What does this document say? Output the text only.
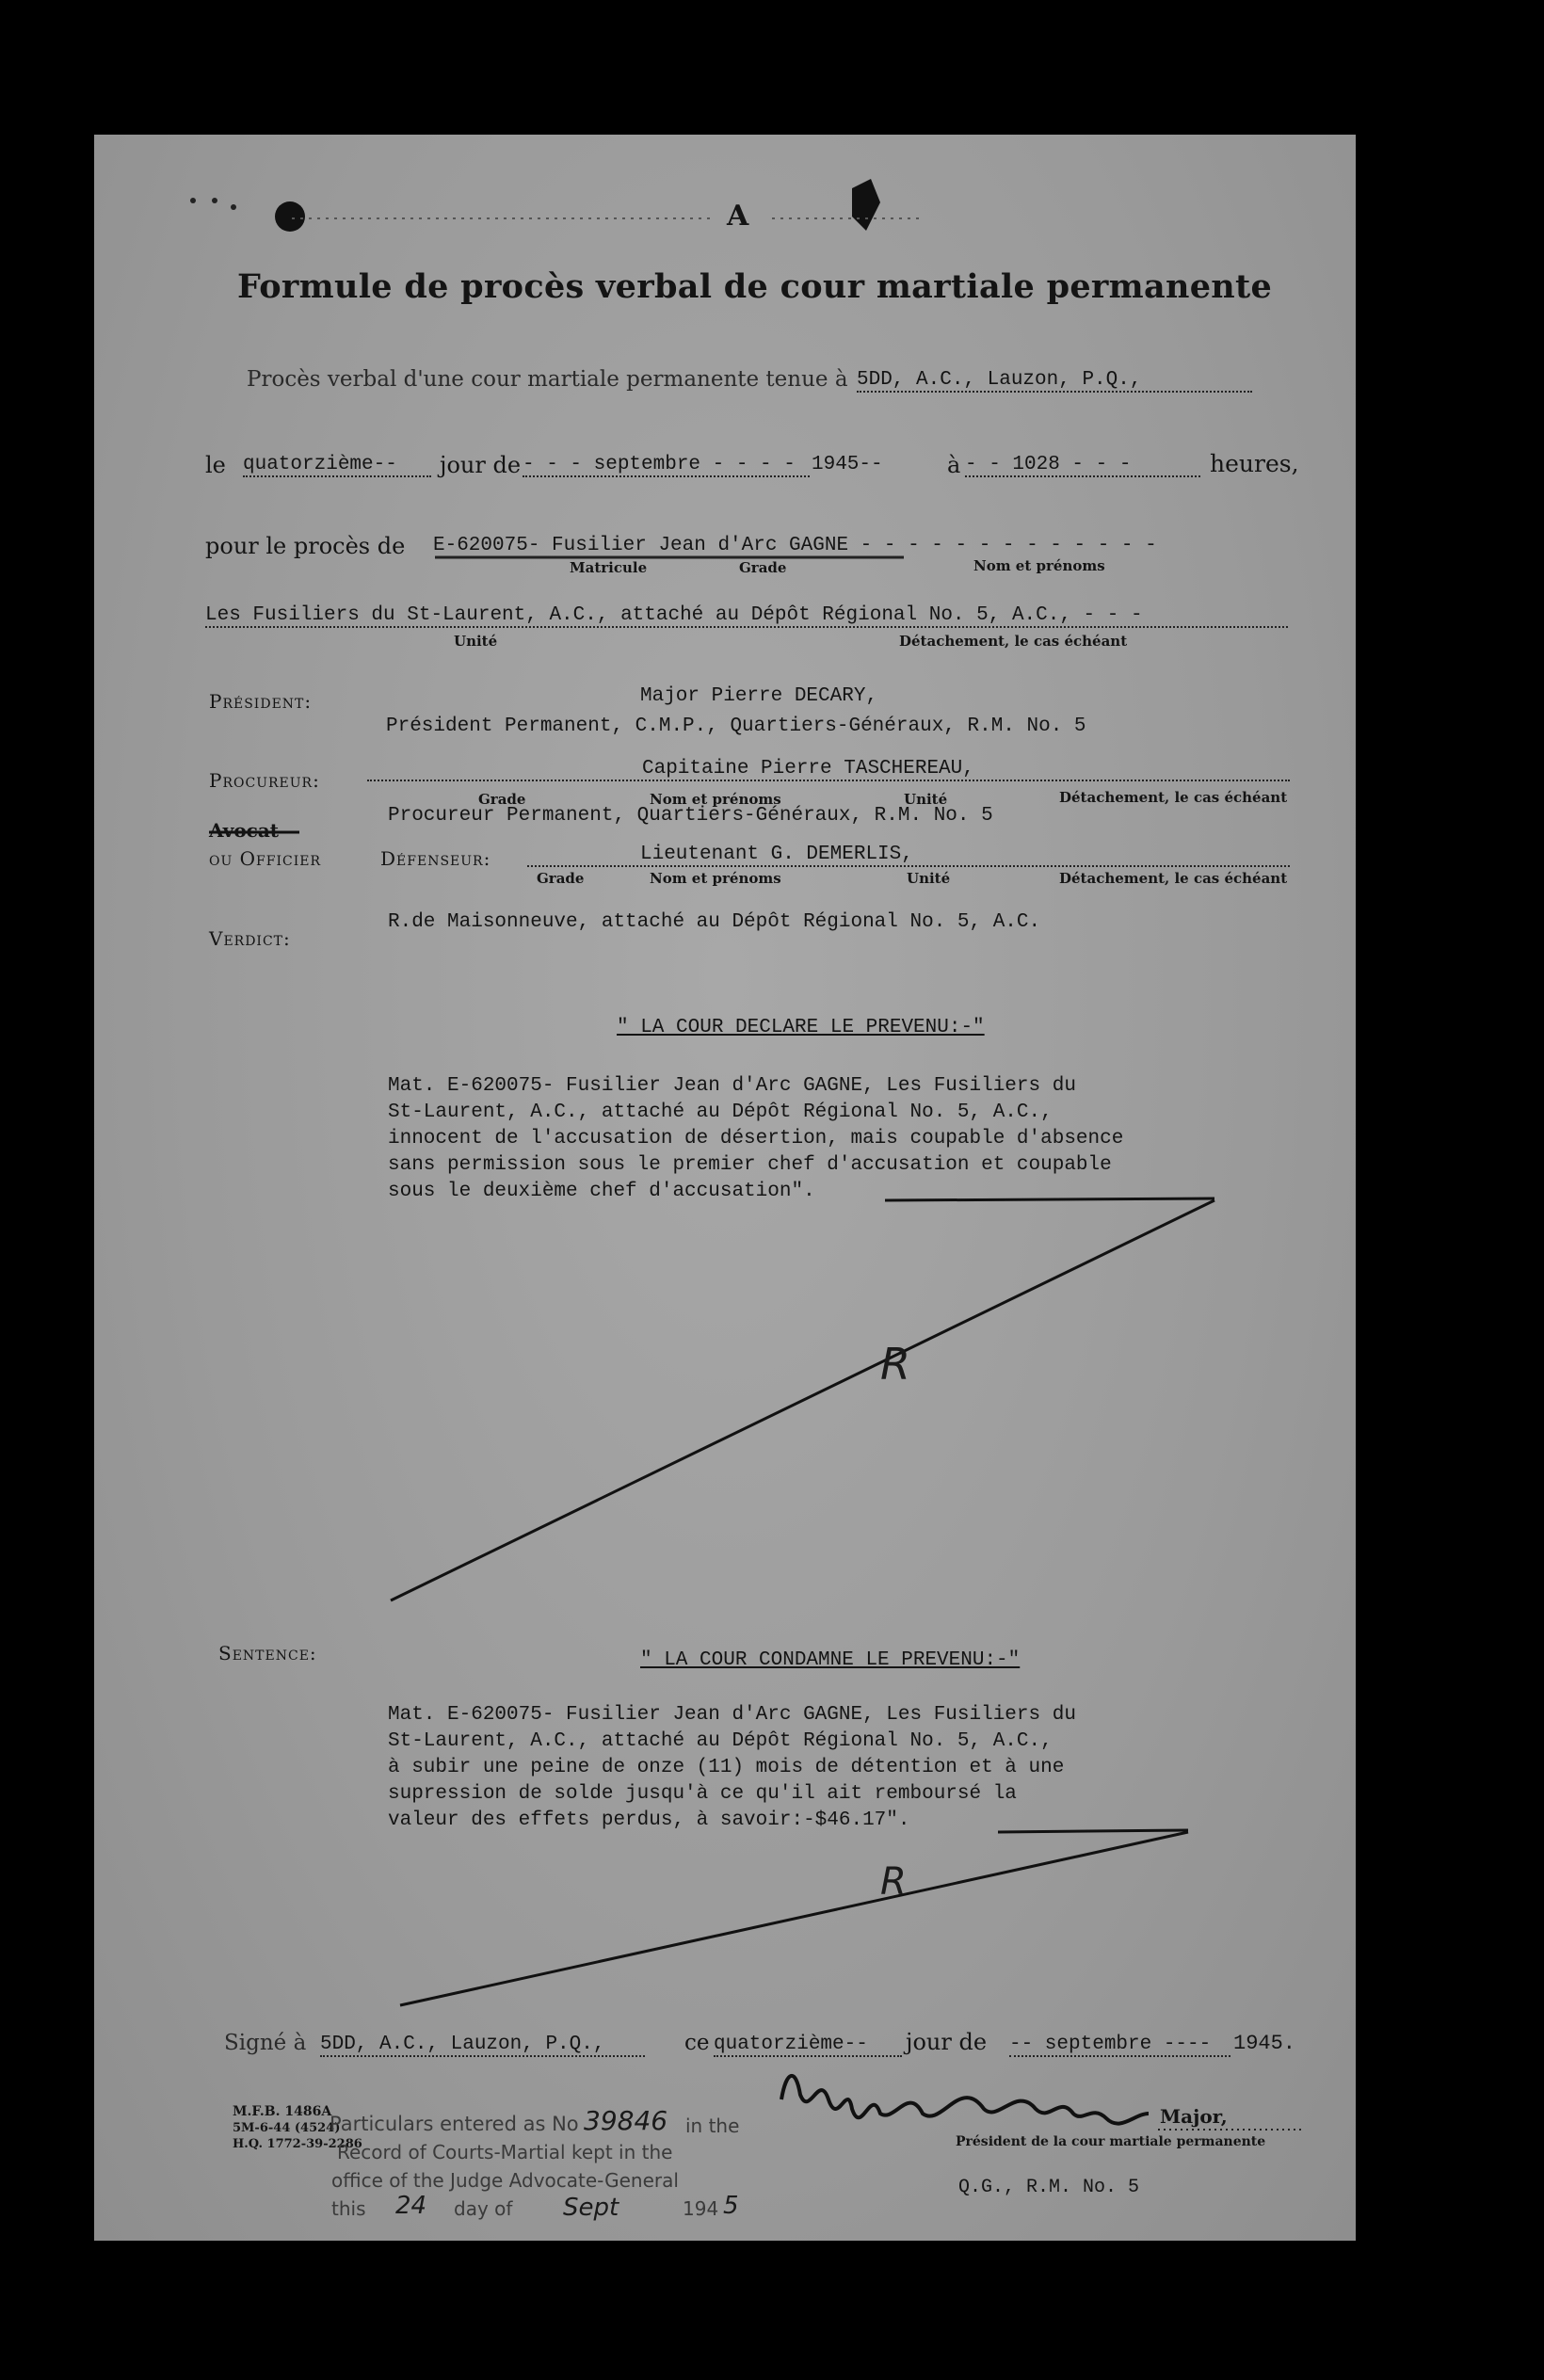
A
Formule de procès verbal de cour martiale permanente
Procès verbal d'une cour martiale permanente tenue à 5DD, A.C., Lauzon, P.Q.,
le quatorzième--	jour de - - - septembre - - - - 1945--	à - - 1028 - - -	heures,
pour le procès de E-620075- Fusilier Jean d'Arc GAGNE - - - - - - - - - - - - -
Matricule	Grade	Nom et prénoms
Les Fusiliers du St-Laurent, A.C., attaché au Dépôt Régional No. 5, A.C., - - -
Unité	Détachement, le cas échéant
Président:	Major Pierre DECARY,
Président Permanent, C.M.P., Quartiers-Généraux, R.M. No. 5
Procureur:
Capitaine Pierre TASCHEREAU,
Grade	Nom et prénoms	Unité	Détachement, le cas échéant
Procureur Permanent, Quartiers-Généraux, R.M. No. 5
Avocat
ou Officier	Défenseur:	Lieutenant G. DEMERLIS,
Grade	Nom et prénoms	Unité	Détachement, le cas échéant
Verdict:
R.de Maisonneuve, attaché au Dépôt Régional No. 5, A.C.
" LA COUR DECLARE LE PREVENU:-"
Mat. E-620075- Fusilier Jean d'Arc GAGNE, Les Fusiliers du
St-Laurent, A.C., attaché au Dépôt Régional No. 5, A.C.,
innocent de l'accusation de désertion, mais coupable d'absence
sans permission sous le premier chef d'accusation et coupable
sous le deuxième chef d'accusation".
R
Sentence:	" LA COUR CONDAMNE LE PREVENU:-"
Mat. E-620075- Fusilier Jean d'Arc GAGNE, Les Fusiliers du
St-Laurent, A.C., attaché au Dépôt Régional No. 5, A.C.,
à subir une peine de onze (11) mois de détention et à une
supression de solde jusqu'à ce qu'il ait remboursé la
valeur des effets perdus, à savoir:-$46.17".
R
Signé à 5DD, A.C., Lauzon, P.Q.,	ce quatorzième--	jour de -- septembre ----	1945.
M.F.B. 1486A
5M-6-44 (4524)
H.Q. 1772-39-2286
Particulars entered as No 39846 in the
Record of Courts-Martial kept in the
office of the Judge Advocate-General
this 24 day of Sept	194 5
Major,
Président de la cour martiale permanente
Q.G., R.M. No. 5
